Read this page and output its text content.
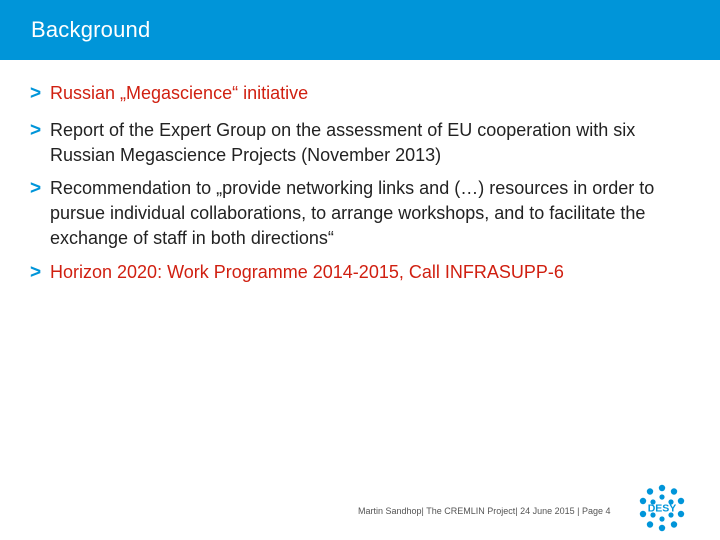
Background
> Russian „Megascience“ initiative
> Report of the Expert Group on the assessment of EU cooperation with six Russian Megascience Projects (November 2013)
> Recommendation to „provide networking links and (…) resources in order to pursue individual collaborations, to arrange workshops, and to facilitate the exchange of staff in both directions“
> Horizon 2020: Work Programme 2014-2015, Call INFRASUPP-6
Martin Sandhop| The CREMLIN Project| 24 June 2015 | Page 4	DESY
